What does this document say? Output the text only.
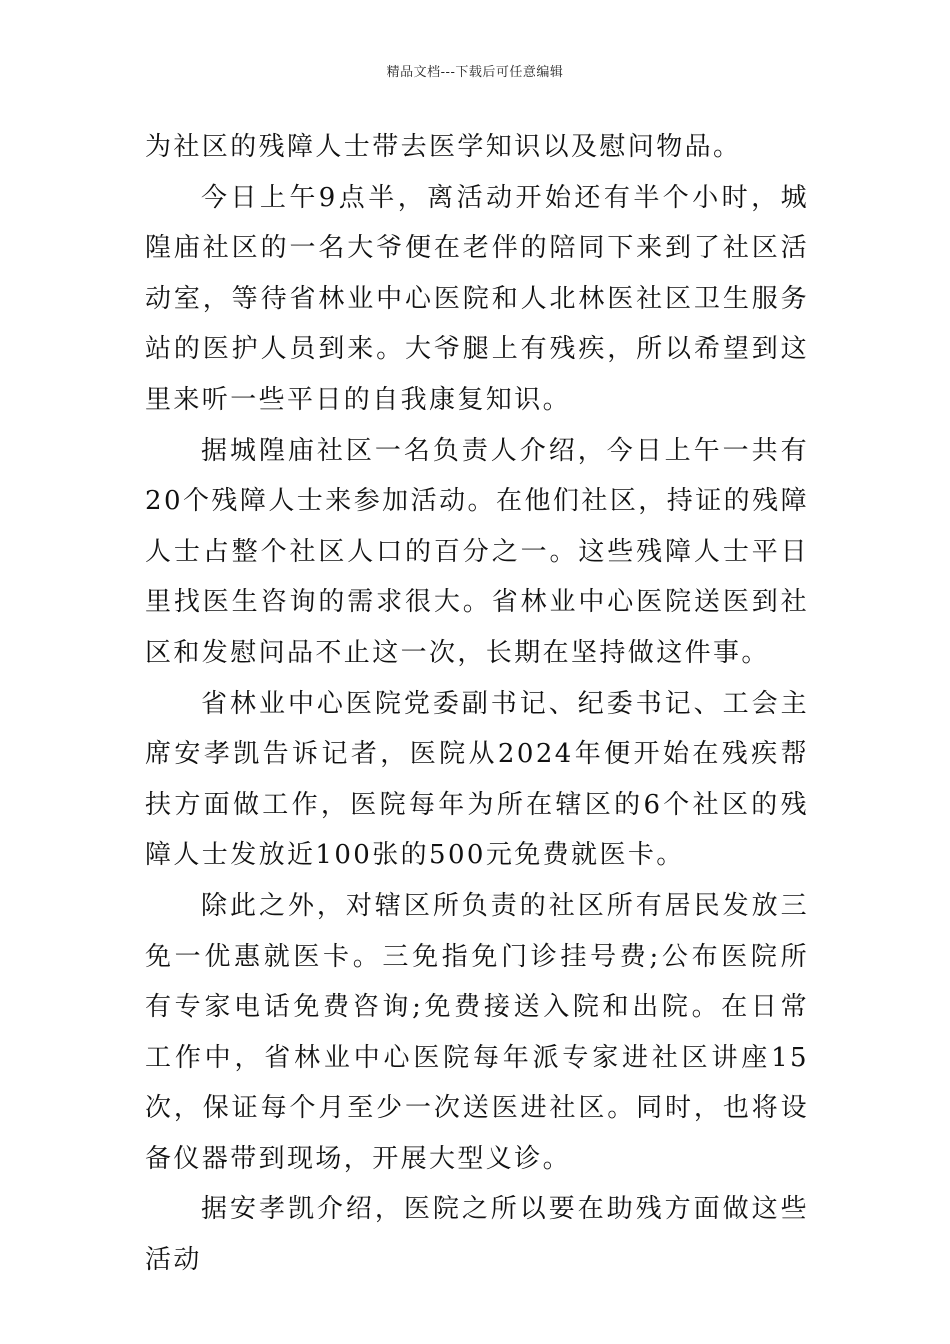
精品文档---下载后可任意编辑

为社区的残障人士带去医学知识以及慰问物品。

今日上午9点半，离活动开始还有半个小时，城隍庙社区的一名大爷便在老伴的陪同下来到了社区活动室，等待省林业中心医院和人北林医社区卫生服务站的医护人员到来。大爷腿上有残疾，所以希望到这里来听一些平日的自我康复知识。

据城隍庙社区一名负责人介绍，今日上午一共有20个残障人士来参加活动。在他们社区，持证的残障人士占整个社区人口的百分之一。这些残障人士平日里找医生咨询的需求很大。省林业中心医院送医到社区和发慰问品不止这一次，长期在坚持做这件事。

省林业中心医院党委副书记、纪委书记、工会主席安孝凯告诉记者，医院从2024年便开始在残疾帮扶方面做工作，医院每年为所在辖区的6个社区的残障人士发放近100张的500元免费就医卡。

除此之外，对辖区所负责的社区所有居民发放三免一优惠就医卡。三免指免门诊挂号费;公布医院所有专家电话免费咨询;免费接送入院和出院。在日常工作中，省林业中心医院每年派专家进社区讲座15次，保证每个月至少一次送医进社区。同时，也将设备仪器带到现场，开展大型义诊。

据安孝凯介绍，医院之所以要在助残方面做这些活动
